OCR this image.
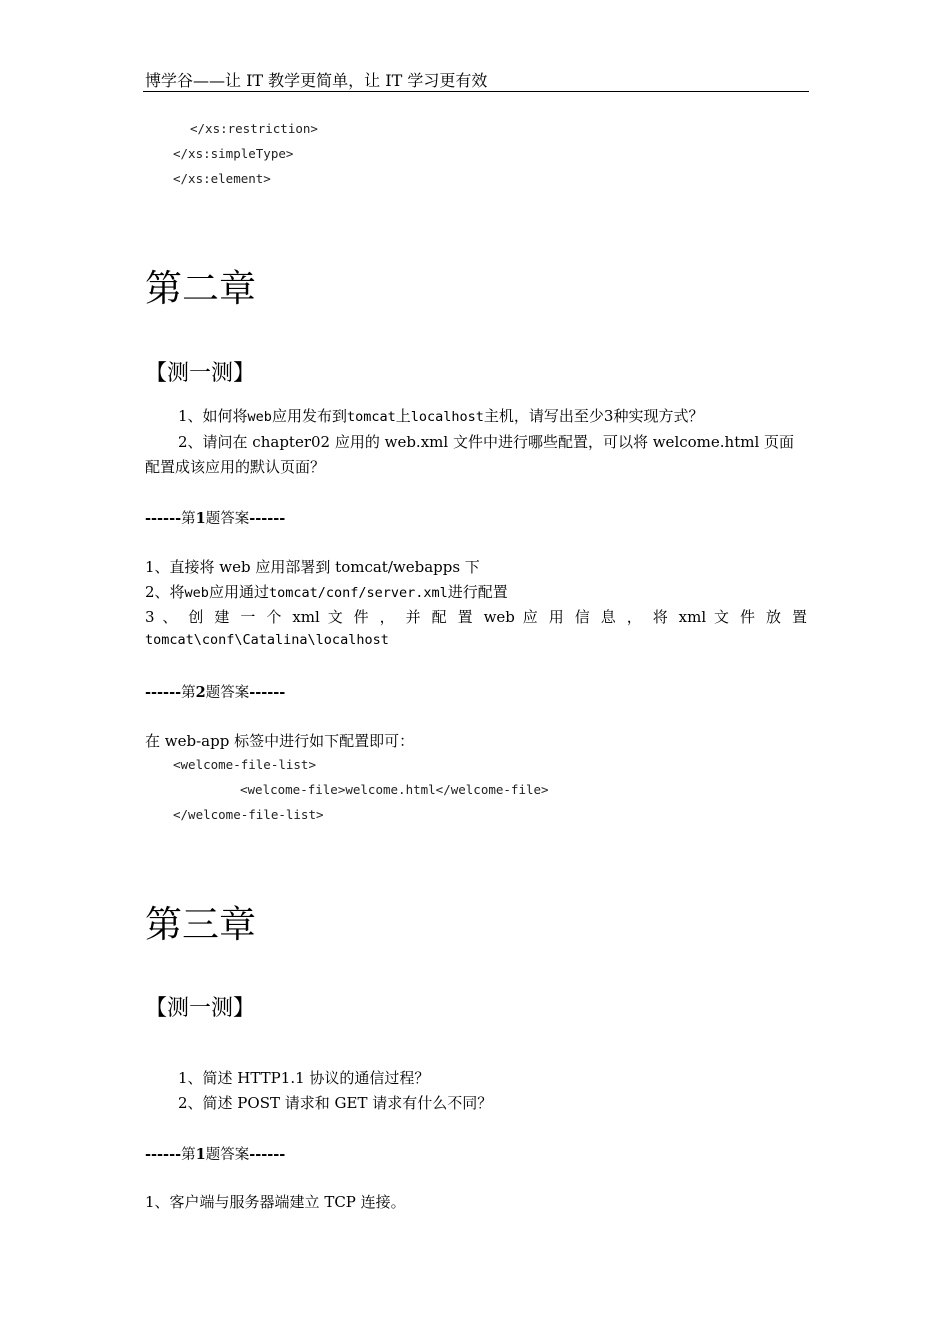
博学谷——让 IT 教学更简单，让 IT 学习更有效
</xs:restriction>
</xs:simpleType>
</xs:element>
第二章
【测一测】
1、如何将web应用发布到tomcat上localhost主机，请写出至少3种实现方式？
2、请问在 chapter02 应用的 web.xml 文件中进行哪些配置，可以将 welcome.html 页面
配置成该应用的默认页面？
------第1题答案------
1、直接将 web 应用部署到 tomcat/webapps 下
2、将web应用通过tomcat/conf/server.xml进行配置
3 、 创 建 一 个 xml 文 件 ， 并 配 置 web 应 用 信 息 ， 将 xml 文 件 放 置
tomcat\conf\Catalina\localhost
------第2题答案------
在 web-app 标签中进行如下配置即可：
<welcome-file-list>
<welcome-file>welcome.html</welcome-file>
</welcome-file-list>
第三章
【测一测】
1、简述 HTTP1.1 协议的通信过程？
2、简述 POST 请求和 GET 请求有什么不同？
------第1题答案------
1、客户端与服务器端建立 TCP 连接。
